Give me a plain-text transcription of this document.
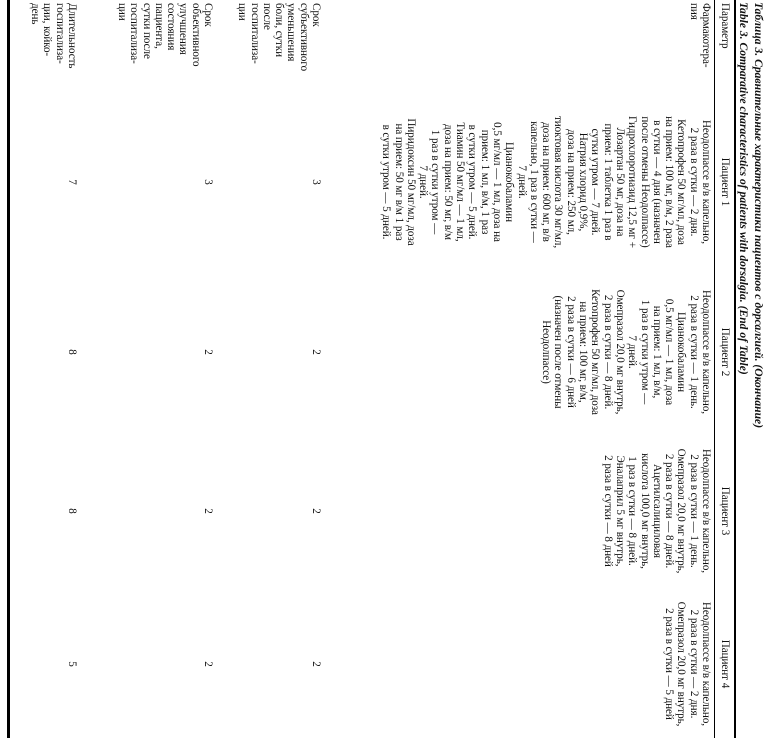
Таблица 3. Сравнительные характеристики пациентов с дорсалгией. (Окончание)
Table 3. Comparative characteristics of patients with dorsalgia. (End of Table)
Параметр
Пациент 1
Пациент 2
Пациент 3
Пациент 4
Фармакотера-
пия
Неодолпассе в/в капельно,
2 раза в сутки — 2 дня.
Кетопрофен 50 мг/мл, доза
на прием: 100 мг, в/м, 2 раза
в сутки — 4 дня (назначен
после отмены Неодолпассе)
Гидрохлоротиазид 12,5 мг +
Лозартан 50 мг, доза на
прием: 1 таблетка 1 раз в
сутки утром — 7 дней.
Натрия хлорид 0,9%,
доза на прием: 250 мл,
тиоктовая кислота 30 мг/мл,
доза на прием: 600 мг, в/в
капельно, 1 раз в сутки —
7 дней.
Цианокобаламин
0,5 мг/мл — 1 мл, доза на
прием: 1 мл, в/м, 1 раз
в сутки утром — 5 дней.
Тиамин 50 мг/мл — 1 мл,
доза на прием: 50 мг, в/м
1 раз в сутки утром —
7 дней.
Пиридоксин 50 мг/мл, доза
на прием: 50 мг в/м 1 раз
в сутки утром — 5 дней.
Неодолпассе в/в капельно,
2 раза в сутки — 1 день.
Цианокобаламин
0,5 мг/мл — 1 мл, доза
на прием: 1 мл, в/м,
1 раз в сутки утром —
7 дней.
Омепразол 20,0 мг внутрь,
2 раза в сутки — 8 дней.
Кетопрофен 50 мг/мл, доза
на прием: 100 мг, в/м,
2 раза в сутки — 6 дней
(назначен после отмены
Неодолпассе)
Неодолпассе в/в капельно,
2 раза в сутки — 1 день.
Омепразол 20,0 мг внутрь,
2 раза в сутки — 8 дней.
Ацетилсалициловая
кислота 100,0 мг внутрь,
1 раз в сутки — 8 дней.
Эналаприл 5 мг внутрь,
2 раза в сутки — 8 дней
Неодолпассе в/в капельно,
2 раза в сутки — 2 дня.
Омепразол 20,0 мг внутрь,
2 раза в сутки — 5 дней
Срок
субъективного
уменьшения
боли, сутки
после
госпитализа-
ции
3
2
2
2
Срок
объективного
улучшения
состояния
пациента,
сутки после
госпитализа-
ции
3
2
2
2
Длительность
госпитализа-
ции, койко-
день
7
8
8
5
